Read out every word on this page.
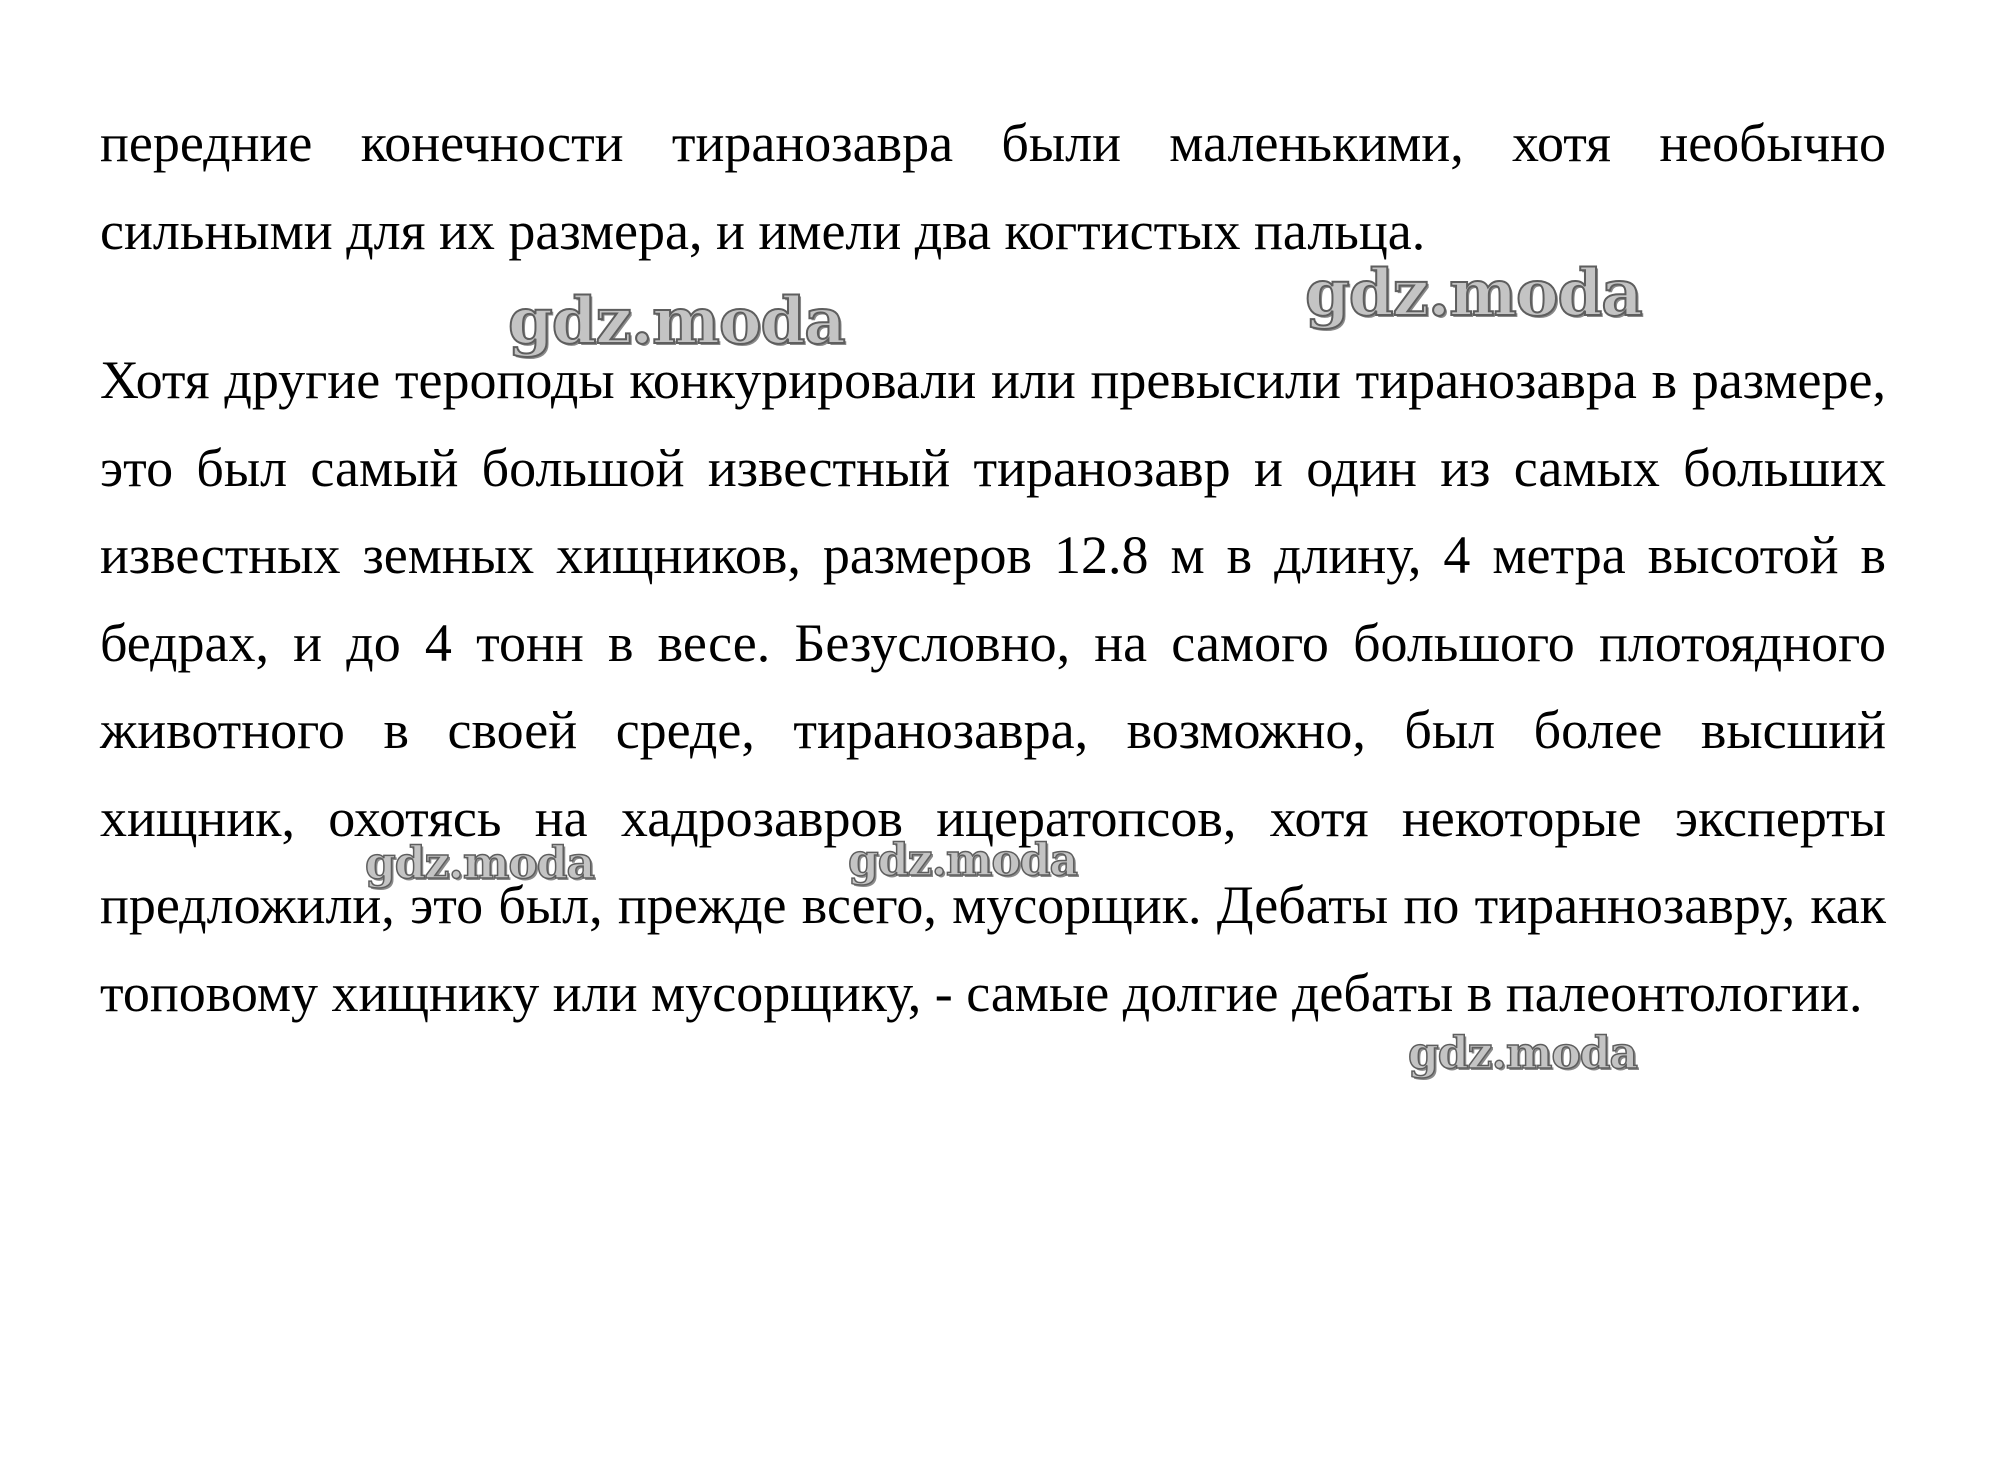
передние конечности тиранозавра были маленькими, хотя необычно сильными для их размера, и имели два когтистых пальца.

Хотя другие тероподы конкурировали или превысили тиранозавра в размере, это был самый большой известный тиранозавр и один из самых больших известных земных хищников, размеров 12.8 м в длину, 4 метра высотой в бедрах, и до 4 тонн в весе. Безусловно, на самого большого плотоядного животного в своей среде, тиранозавра, возможно, был более высший хищник, охотясь на хадрозавров ицератопсов, хотя некоторые эксперты предложили, это был, прежде всего, мусорщик. Дебаты по тираннозавру, как топовому хищнику или мусорщику, - самые долгие дебаты в палеонтологии.

gdz.moda	gdz.moda
gdz.moda	gdz.moda
gdz.moda
